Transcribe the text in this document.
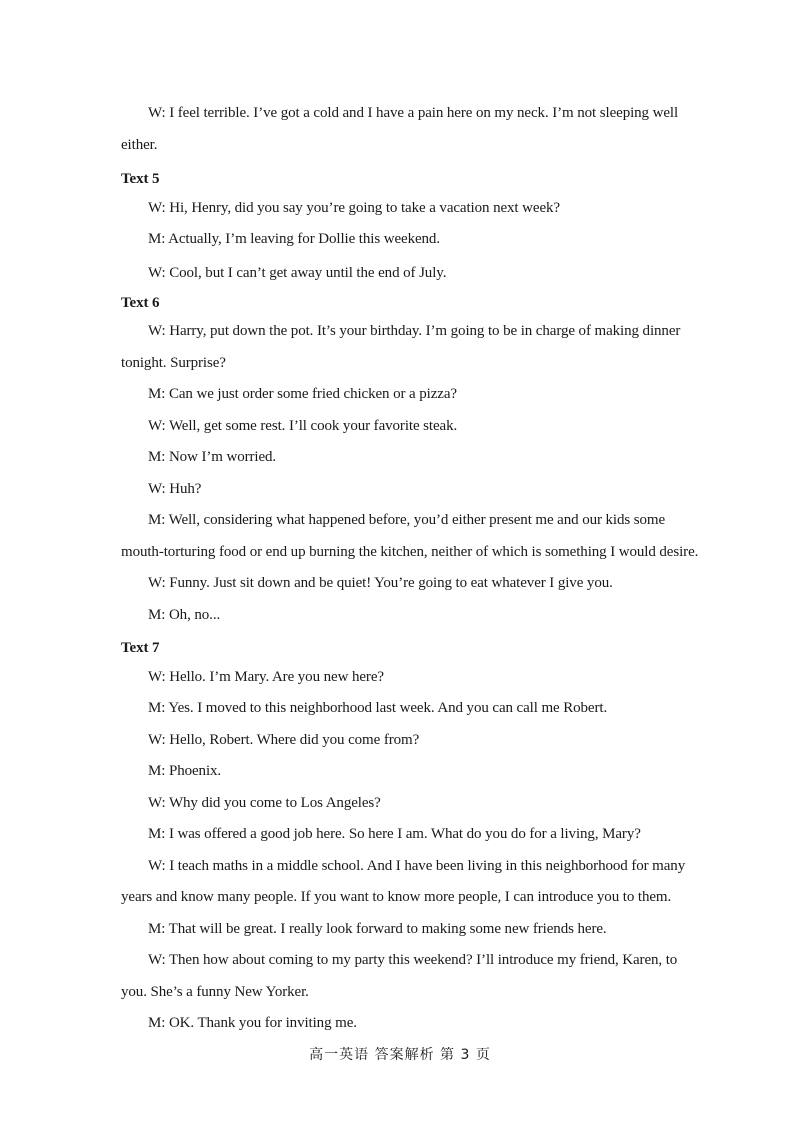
W: I feel terrible. I’ve got a cold and I have a pain here on my neck. I’m not sleeping well
either.
Text 5
W: Hi, Henry, did you say you’re going to take a vacation next week?
M: Actually, I’m leaving for Dollie this weekend.
W: Cool, but I can’t get away until the end of July.
Text 6
W: Harry, put down the pot. It’s your birthday. I’m going to be in charge of making dinner
tonight. Surprise?
M: Can we just order some fried chicken or a pizza?
W: Well, get some rest. I’ll cook your favorite steak.
M: Now I’m worried.
W: Huh?
M: Well, considering what happened before, you’d either present me and our kids some
mouth-torturing food or end up burning the kitchen, neither of which is something I would desire.
W: Funny. Just sit down and be quiet! You’re going to eat whatever I give you.
M: Oh, no...
Text 7
W: Hello. I’m Mary. Are you new here?
M: Yes. I moved to this neighborhood last week. And you can call me Robert.
W: Hello, Robert. Where did you come from?
M: Phoenix.
W: Why did you come to Los Angeles?
M: I was offered a good job here. So here I am. What do you do for a living, Mary?
W: I teach maths in a middle school. And I have been living in this neighborhood for many
years and know many people. If you want to know more people, I can introduce you to them.
M: That will be great. I really look forward to making some new friends here.
W: Then how about coming to my party this weekend? I’ll introduce my friend, Karen, to
you. She’s a funny New Yorker.
M: OK. Thank you for inviting me.
高一英语 答案解析 第 3 页
